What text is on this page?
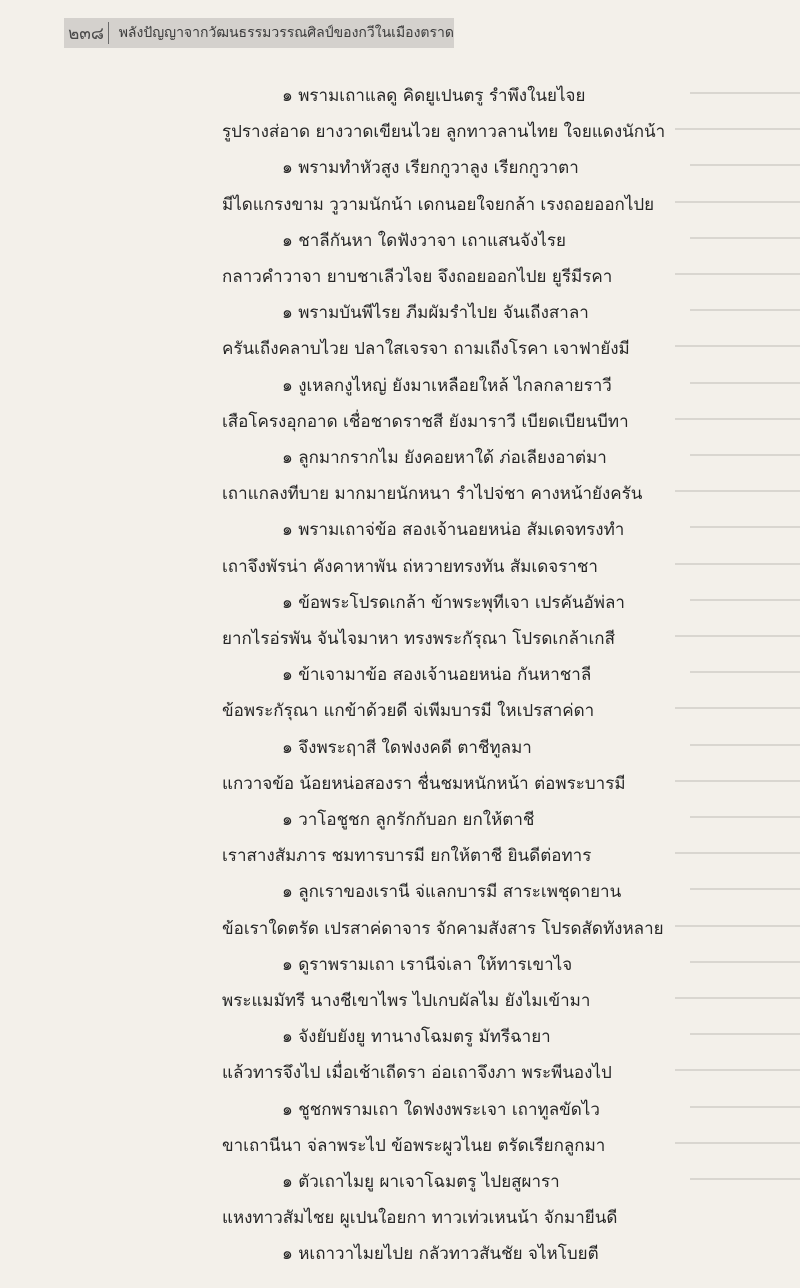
๒๓๘	พลังปัญญาจากวัฒนธรรมวรรณศิลป์ของกวีในเมืองตราด
๑ พรามเถาแลดู คิดยูเปนตรู รำพึงในยไจย
รูปรางส่อาด ยางวาดเขียนไวย ลูกทาวลานไทย ใจยแดงนักน้า
๑ พรามทำหัวสูง เรียกกูวาลูง เรียกกูวาตา
มีไดแกรงขาม วูวามนักน้า เดกนอยใจยกล้า เรงถอยออกไปย
๑ ชาลีกันหา ใดฟังวาจา เถาแสนจังไรย
กลาวคำวาจา ยาบชาเลีวไจย จึงถอยออกไปย ยูรีมีรคา
๑ พรามบันพีไรย ภีมผัมรำไปย จันเถีงสาลา
ครันเถีงคลาบไวย ปลาใสเจรจา ถามเถีงโรคา เจาฟายังมี
๑ งูเหลกงูไหญ่ ยังมาเหลือยใหล้ ไกลกลายราวี
เสือโครงอุกอาด เชื่อชาดราชสี ยังมาราวี เบียดเบียนบีทา
๑ ลูกมากรากไม ยังคอยหาใด้ ภ่อเลียงอาต่มา
เถาแกลงทีบาย มากมายนักหนา รำไปจ่ชา คางหน้ายังครัน
๑ พรามเถาจ่ข้อ สองเจ้านอยหน่อ สัมเดจทรงทำ
เถาจึงพัรน่า คังคาหาพัน ถ่หวายทรงทัน สัมเดจราชา
๑ ข้อพระโปรดเกล้า ข้าพระพุทีเจา เปรคันอัพ่ลา
ยากไรอ่รพัน จันไจมาหา ทรงพระกัรุณา โปรดเกล้าเกสี
๑ ข้าเจามาข้อ สองเจ้านอยหน่อ กันหาชาลี
ข้อพระกัรุณา แกข้าด้วยดี จ่เพีมบารมี ใหเปรสาค่ดา
๑ จึงพระฤาสี ใดฟงงคดี ตาชีทูลมา
แกวาจข้อ น้อยหน่อสองรา ชื่นชมหนักหน้า ต่อพระบารมี
๑ วาโอชูชก ลูกรักกับอก ยกให้ตาชี
เราสางสัมภาร ชมทารบารมี ยกให้ตาชี ยินดีต่อทาร
๑ ลูกเราของเรานี จ่แลกบารมี สาระเพชุดายาน
ข้อเราใดตรัด เปรสาค่ดาจาร จักคามสังสาร โปรดสัดทังหลาย
๑ ดูราพรามเถา เรานีจ่เลา ให้ทารเขาไจ
พระแมมัทรี นางชีเขาไพร ไปเกบผัลไม ยังไมเข้ามา
๑ จังยับยังยู ทานางโฉมตรู มัทรีฉายา
แล้วทารจึงไป เมื่อเช้าเถีดรา อ่อเถาจึงภา พระพีนองไป
๑ ชูชกพรามเถา ใดฟงงพระเจา เถาทูลขัดไว
ขาเถานีนา จ่ลาพระไป ข้อพระผูวไนย ตรัดเรียกลูกมา
๑ ตัวเถาไมยู ผาเจาโฉมตรู ไปยสูผารา
แหงทาวสัมไชย ผูเปนใอยกา ทาวเท่วเหนน้า จักมายีนดี
๑ หเถาวาไมยไปย กลัวทาวสันชัย จไหโบยตี
